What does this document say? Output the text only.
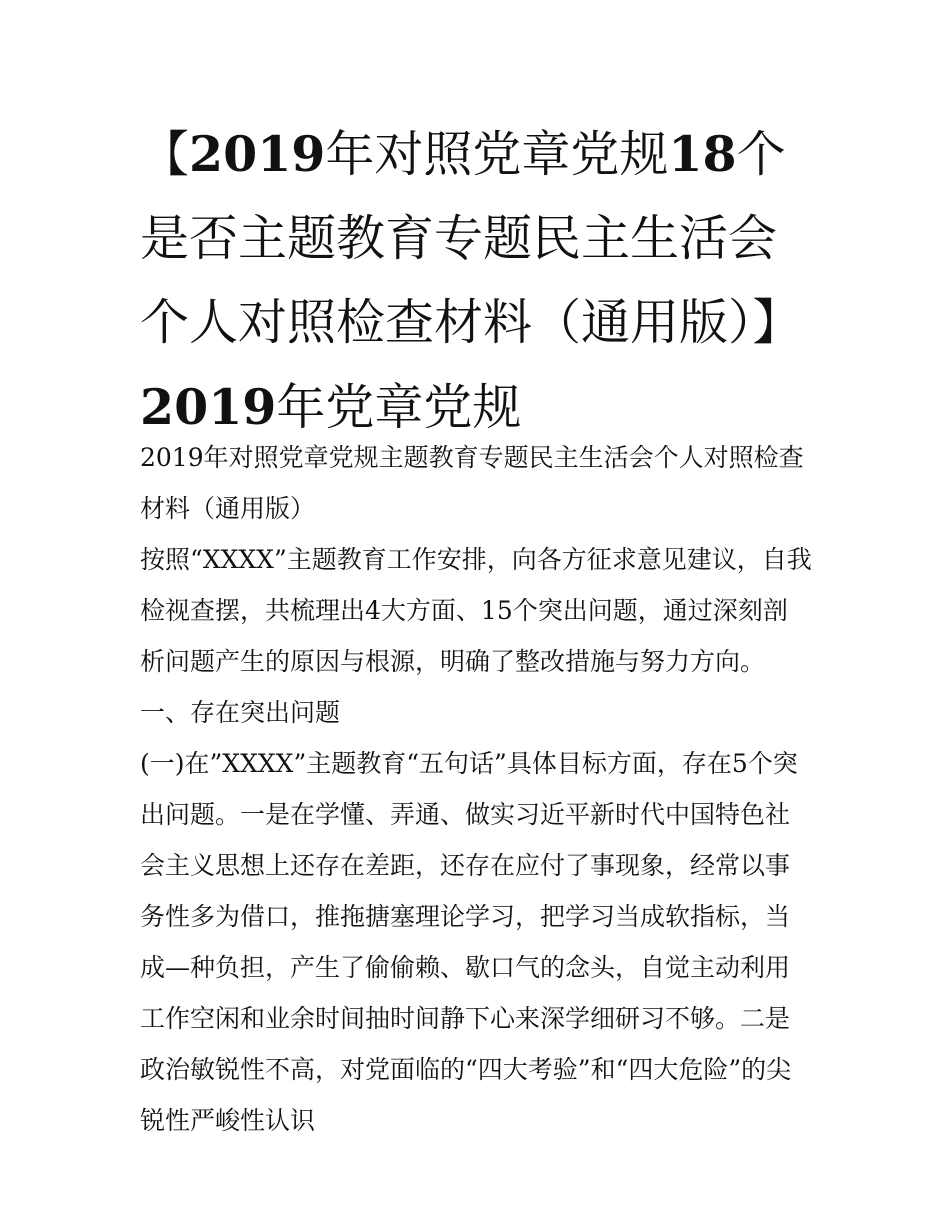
【2019年对照党章党规18个是否主题教育专题民主生活会个人对照检查材料（通用版）】2019年党章党规

2019年对照党章党规主题教育专题民主生活会个人对照检查材料（通用版）

按照“XXXX”主题教育工作安排，向各方征求意见建议，自我检视查摆，共梳理出4大方面、15个突出问题，通过深刻剖析问题产生的原因与根源，明确了整改措施与努力方向。

一、存在突出问题

(一)在”XXXX”主题教育“五句话”具体目标方面，存在5个突出问题。一是在学懂、弄通、做实习近平新时代中国特色社会主义思想上还存在差距，还存在应付了事现象，经常以事务性多为借口，推拖搪塞理论学习，把学习当成软指标，当成—种负担，产生了偷偷赖、歇口气的念头，自觉主动利用工作空闲和业余时间抽时间静下心来深学细研习不够。二是政治敏锐性不高，对党面临的“四大考验”和“四大危险”的尖锐性严峻性认识
